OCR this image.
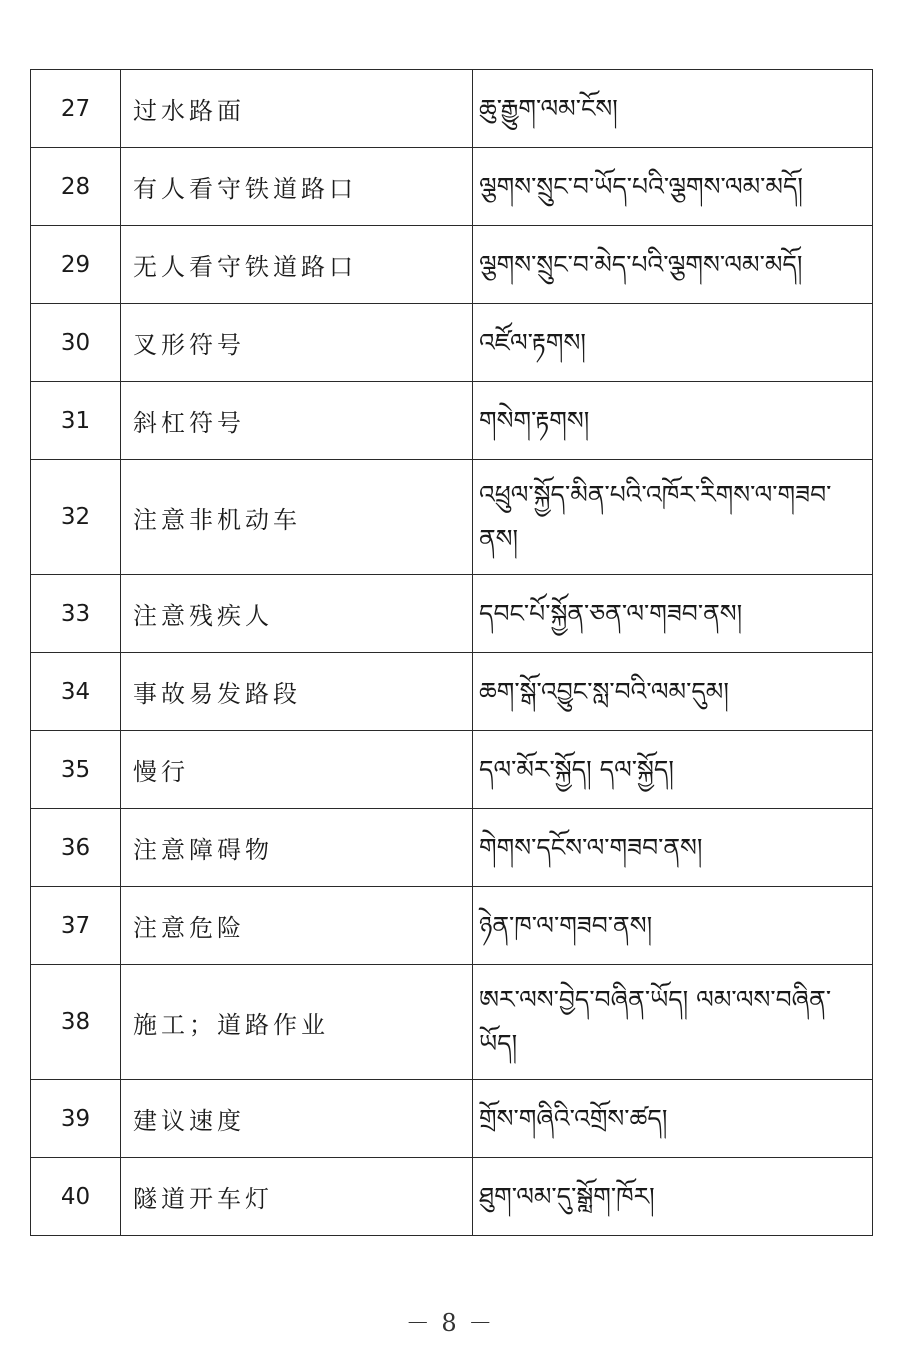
27	过水路面	ཆུ་རྒྱུག་ལམ་ངོས།
28	有人看守铁道路口	ལྕགས་སྲུང་བ་ཡོད་པའི་ལྕགས་ལམ་མདོ།
29	无人看守铁道路口	ལྕགས་སྲུང་བ་མེད་པའི་ལྕགས་ལམ་མདོ།
30	叉形符号	འཛོལ་རྟགས།
31	斜杠符号	གསེག་རྟགས།
32	注意非机动车	འཕྲུལ་སྐྱོད་མིན་པའི་འཁོར་རིགས་ལ་གཟབ་ནས།
33	注意残疾人	དབང་པོ་སྐྱོན་ཅན་ལ་གཟབ་ནས།
34	事故易发路段	ཆག་སྒོ་འབྱུང་སླ་བའི་ལམ་དུམ།
35	慢行	དལ་མོར་སྐྱོད། དལ་སྐྱོད།
36	注意障碍物	གེགས་དངོས་ལ་གཟབ་ནས།
37	注意危险	ཉེན་ཁ་ལ་གཟབ་ནས།
38	施工；道路作业	ཨར་ལས་བྱེད་བཞིན་ཡོད། ལམ་ལས་བཞིན་ཡོད།
39	建议速度	གྲོས་གཞིའི་འགྲོས་ཚད།
40	隧道开车灯	ཐུག་ལམ་དུ་སྒློག་ཁོར།
－ 8 －
